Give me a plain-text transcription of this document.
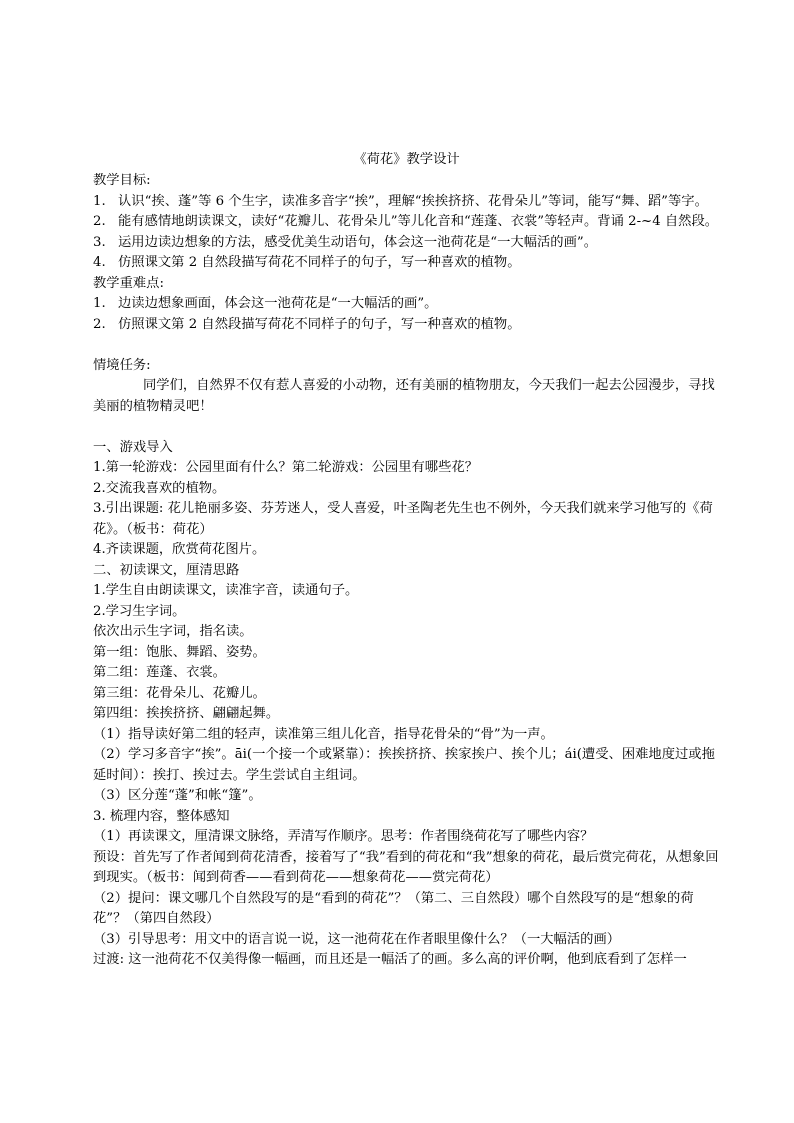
《荷花》教学设计

教学目标:

1. 认识“挨、蓬”等 6 个生字，读准多音字“挨”，理解“挨挨挤挤、花骨朵儿”等词，能写“舞、蹈”等字。
2. 能有感情地朗读课文，读好“花瓣儿、花骨朵儿”等儿化音和“莲蓬、衣裳”等轻声。背诵 2-~4 自然段。
3. 运用边读边想象的方法，感受优美生动语句，体会这一池荷花是“一大幅活的画”。
4. 仿照课文第 2 自然段描写荷花不同样子的句子，写一种喜欢的植物。

教学重难点:

1. 边读边想象画面，体会这一池荷花是“一大幅活的画”。
2. 仿照课文第 2 自然段描写荷花不同样子的句子，写一种喜欢的植物。

情境任务:

同学们，自然界不仅有惹人喜爱的小动物，还有美丽的植物朋友，今天我们一起去公园漫步，寻找美丽的植物精灵吧！

一、游戏导入

1.第一轮游戏：公园里面有什么？第二轮游戏：公园里有哪些花？

2.交流我喜欢的植物。

3.引出课题: 花儿艳丽多姿、芬芳迷人，受人喜爱，叶圣陶老先生也不例外，今天我们就来学习他写的《荷花》。（板书：荷花）

4.齐读课题，欣赏荷花图片。

二、初读课文，厘清思路

1.学生自由朗读课文，读准字音，读通句子。

2.学习生字词。

依次出示生字词，指名读。

第一组：饱胀、舞蹈、姿势。

第二组：莲蓬、衣裳。

第三组：花骨朵儿、花瓣儿。

第四组：挨挨挤挤、翩翩起舞。

（1）指导读好第二组的轻声，读准第三组儿化音，指导花骨朵的“骨”为一声。

（2）学习多音字“挨”。āi(一个接一个或紧靠）：挨挨挤挤、挨家挨户、挨个儿；ái(遭受、困难地度过或拖延时间）：挨打、挨过去。学生尝试自主组词。

（3）区分莲“蓬”和帐“篷”。

3. 梳理内容，整体感知

（1）再读课文，厘清课文脉络，弄清写作顺序。思考：作者围绕荷花写了哪些内容？

预设：首先写了作者闻到荷花清香，接着写了“我”看到的荷花和“我”想象的荷花，最后赏完荷花，从想象回到现实。（板书：闻到荷香——看到荷花——想象荷花——赏完荷花）

（2）提问：课文哪几个自然段写的是“看到的荷花”？（第二、三自然段）哪个自然段写的是“想象的荷花”？（第四自然段）

（3）引导思考：用文中的语言说一说，这一池荷花在作者眼里像什么？（一大幅活的画）

过渡: 这一池荷花不仅美得像一幅画，而且还是一幅活了的画。多么高的评价啊，他到底看到了怎样一
